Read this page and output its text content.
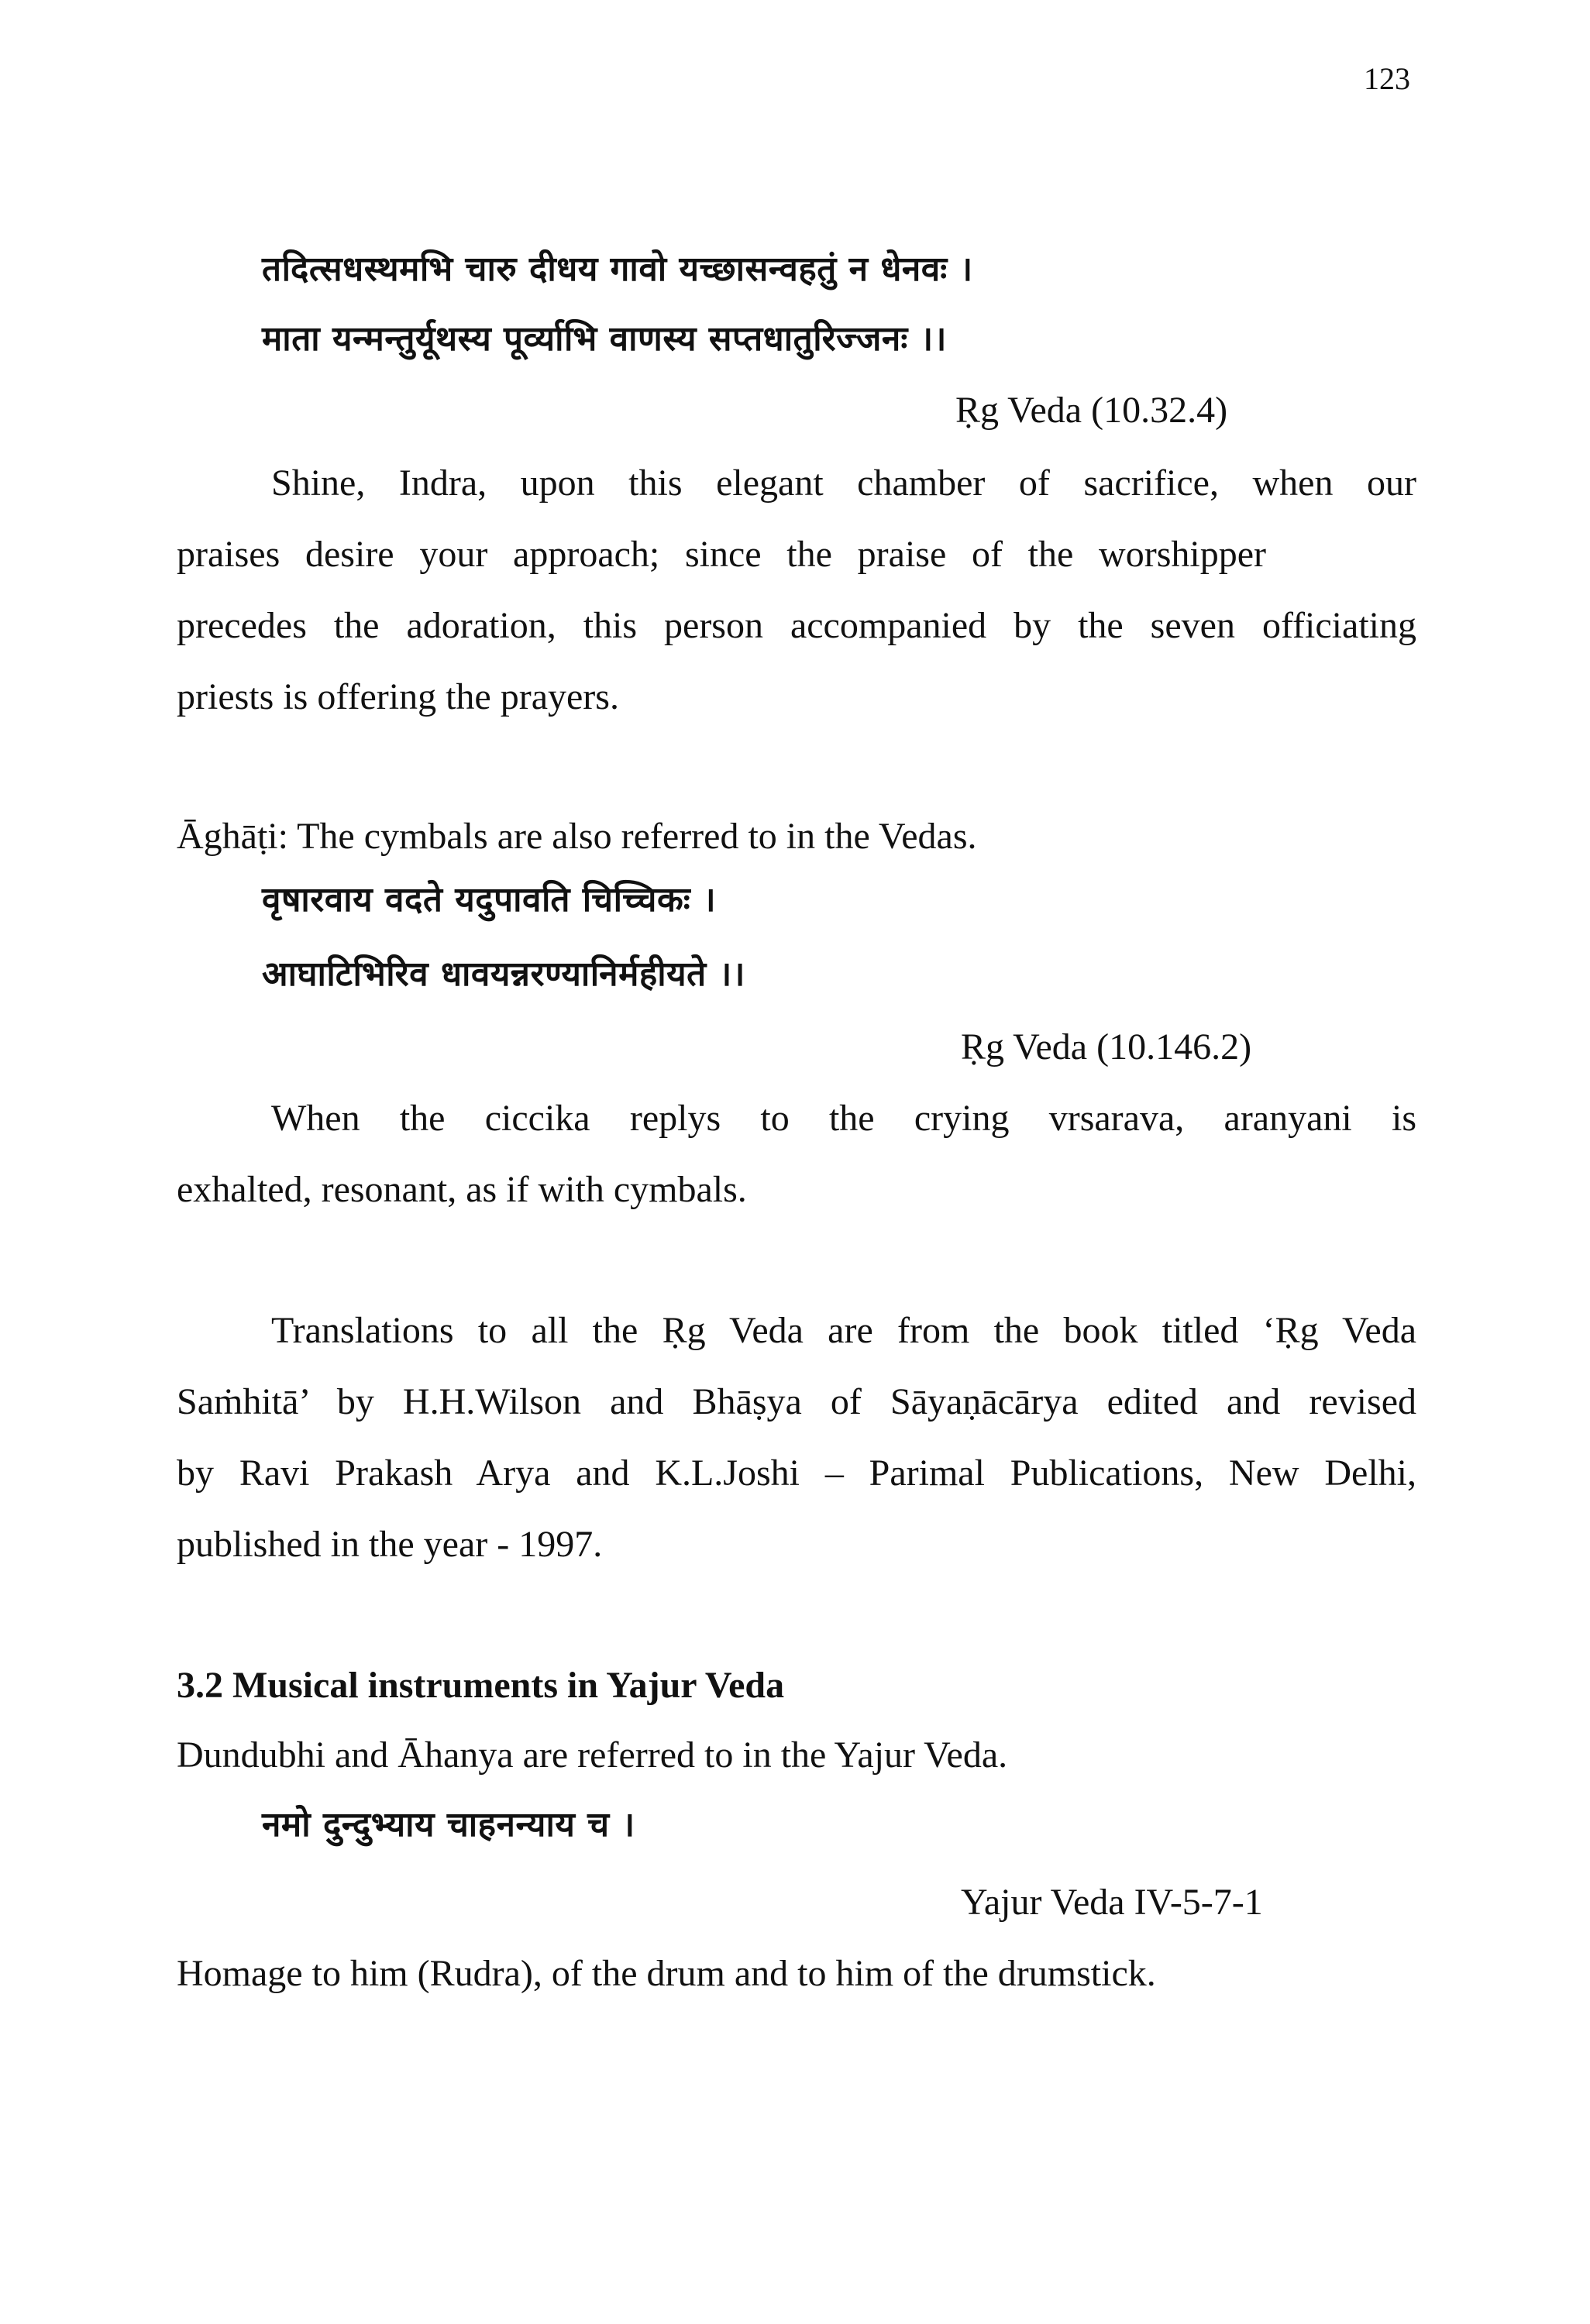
123
तदित्सधस्थमभि चारु दीधय गावो यच्छासन्वहतुं न धेनवः ।
माता यन्मन्तुर्यूथस्य पूर्व्याभि वाणस्य सप्तधातुरिज्जनः ।।
Ṛg Veda (10.32.4)
Shine, Indra, upon this elegant chamber of sacrifice, when our
praises desire your approach; since the praise of the worshipper
precedes the adoration, this person accompanied by the seven officiating
priests is offering the prayers.
Āghāṭi: The cymbals are also referred to in the Vedas.
वृषारवाय वदते यदुपावति चिच्चिकः ।
आघाटिभिरिव धावयन्नरण्यानिर्महीयते ।।
Ṛg Veda (10.146.2)
When the ciccika replys to the crying vrsarava, aranyani is
exhalted, resonant, as if with cymbals.
Translations to all the Ṛg Veda are from the book titled ‘Ṛg Veda
Saṁhitā’ by H.H.Wilson and Bhāṣya of Sāyaṇācārya edited and revised
by Ravi Prakash Arya and K.L.Joshi – Parimal Publications, New Delhi,
published in the year - 1997.
3.2 Musical instruments in Yajur Veda
Dundubhi and Āhanya are referred to in the Yajur Veda.
नमो दुन्दुभ्याय चाहनन्याय च ।
Yajur Veda IV-5-7-1
Homage to him (Rudra), of the drum and to him of the drumstick.
